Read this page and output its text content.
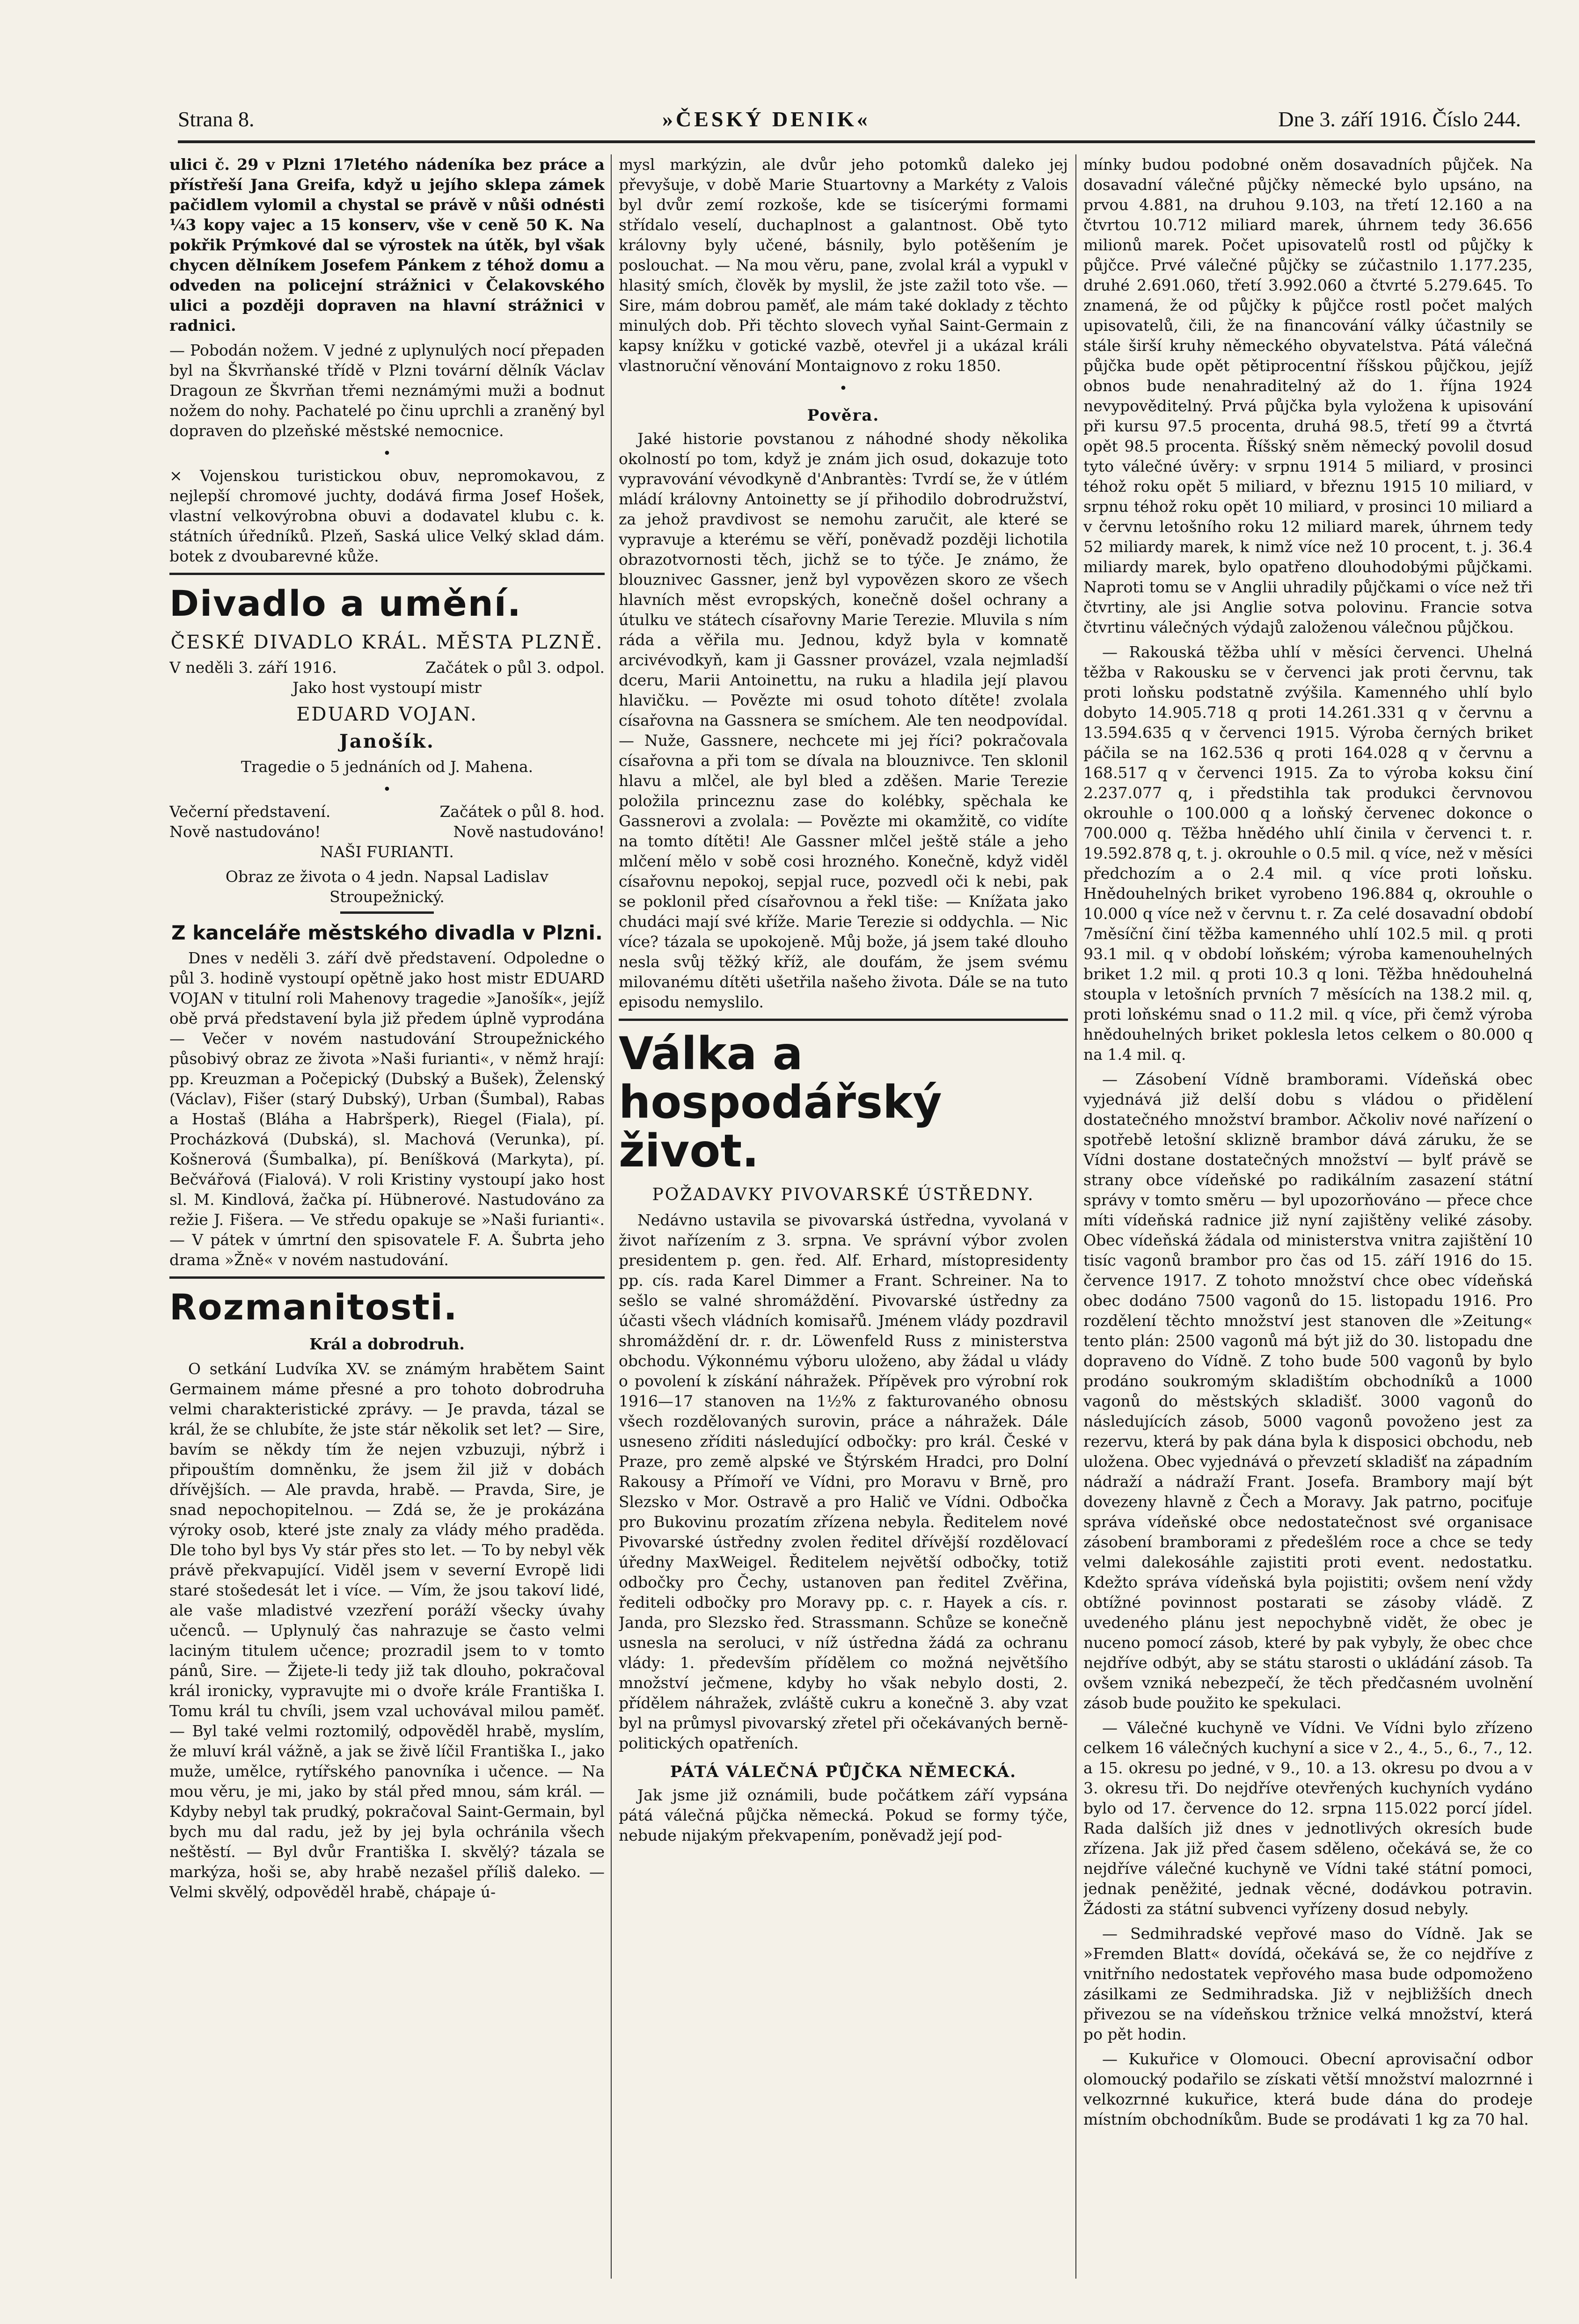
Strana 8.	»ČESKÝ DENIK«	Dne 3. září 1916. Číslo 244.

ulici č. 29 v Plzni 17letého nádeníka bez práce a přístřeší Jana Greifa, když u jejího sklepa zámek pačidlem vylomil a chystal se právě v nůši odnésti ¼3 kopy vajec a 15 konserv, vše v ceně 50 K. Na pokřik Prýmkové dal se výrostek na útěk, byl však chycen dělníkem Josefem Pánkem z téhož domu a odveden na policejní strážnici v Čelakovského ulici a později dopraven na hlavní strážnici v radnici.

— Pobodán nožem. V jedné z uplynulých nocí přepaden byl na Škvrňanské třídě v Plzni tovární dělník Václav Dragoun ze Škvrňan třemi neznámými muži a bodnut nožem do nohy. Pachatelé po činu uprchli a zraněný byl dopraven do plzeňské městské nemocnice.

•

× Vojenskou turistickou obuv, nepromokavou, z nejlepší chromové juchty, dodává firma Josef Hošek, vlastní velkovýrobna obuvi a dodavatel klubu c. k. státních úředníků. Plzeň, Saská ulice Velký sklad dám. botek z dvoubarevné kůže.

Divadlo a umění.
ČESKÉ DIVADLO KRÁL. MĚSTA PLZNĚ.
V neděli 3. září 1916.	Začátek o půl 3. odpol.

Jako host vystoupí mistr

EDUARD VOJAN.
Janošík.

Tragedie o 5 jednáních od J. Mahena.

•
Večerní představení.	Začátek o půl 8. hod.
Nově nastudováno!	Nově nastudováno!

NAŠI FURIANTI.

Obraz ze života o 4 jedn. Napsal Ladislav Stroupežnický.

Z kanceláře městského divadla v Plzni.

Dnes v neděli 3. září dvě představení. Odpoledne o půl 3. hodině vystoupí opětně jako host mistr EDUARD VOJAN v titulní roli Mahenovy tragedie »Janošík«, jejíž obě prvá představení byla již předem úplně vyprodána — Večer v novém nastudování Stroupežnického působivý obraz ze života »Naši furianti«, v němž hrají: pp. Kreuzman a Počepický (Dubský a Bušek), Želenský (Václav), Fišer (starý Dubský), Urban (Šumbal), Rabas a Hostaš (Bláha a Habršperk), Riegel (Fiala), pí. Procházková (Dubská), sl. Machová (Verunka), pí. Košnerová (Šumbalka), pí. Beníšková (Markyta), pí. Bečvářová (Fialová). V roli Kristiny vystoupí jako host sl. M. Kindlová, žačka pí. Hübnerové. Nastudováno za režie J. Fišera. — Ve středu opakuje se »Naši furianti«. — V pátek v úmrtní den spisovatele F. A. Šubrta jeho drama »Žně« v novém nastudování.

Rozmanitosti.

Král a dobrodruh.

O setkání Ludvíka XV. se známým hrabětem Saint Germainem máme přesné a pro tohoto dobrodruha velmi charakteristické zprávy. — Je pravda, tázal se král, že se chlubíte, že jste stár několik set let? — Sire, bavím se někdy tím že nejen vzbuzuji, nýbrž i připouštím domněnku, že jsem žil již v dobách dřívějších. — Ale pravda, hrabě. — Pravda, Sire, je snad nepochopitelnou. — Zdá se, že je prokázána výroky osob, které jste znaly za vlády mého praděda. Dle toho byl bys Vy stár přes sto let. — To by nebyl věk právě překvapující. Viděl jsem v severní Evropě lidi staré stošedesát let i více. — Vím, že jsou takoví lidé, ale vaše mladistvé vzezření poráží všecky úvahy učenců. — Uplynulý čas nahrazuje se často velmi laciným titulem učence; prozradil jsem to v tomto pánů, Sire. — Žijete-li tedy již tak dlouho, pokračoval král ironicky, vypravujte mi o dvoře krále Františka I. Tomu král tu chvíli, jsem vzal uchovával milou paměť. — Byl také velmi roztomilý, odpověděl hrabě, myslím, že mluví král vážně, a jak se živě líčil Františka I., jako muže, umělce, rytířského panovníka i učence. — Na mou věru, je mi, jako by stál před mnou, sám král. — Kdyby nebyl tak prudký, pokračoval Saint-Germain, byl bych mu dal radu, jež by jej byla ochránila všech neštěstí. — Byl dvůr Františka I. skvělý? tázala se markýza, hoši se, aby hrabě nezašel příliš daleko. — Velmi skvělý, odpověděl hrabě, chápaje ú-

mysl markýzin, ale dvůr jeho potomků daleko jej převyšuje, v době Marie Stuartovny a Markéty z Valois byl dvůr zemí rozkoše, kde se tisícerými formami střídalo veselí, duchaplnost a galantnost. Obě tyto královny byly učené, básnily, bylo potěšením je poslouchat. — Na mou věru, pane, zvolal král a vypukl v hlasitý smích, člověk by myslil, že jste zažil toto vše. — Sire, mám dobrou paměť, ale mám také doklady z těchto minulých dob. Při těchto slovech vyňal Saint-Germain z kapsy knížku v gotické vazbě, otevřel ji a ukázal králi vlastnoruční věnování Montaignovo z roku 1850.

•
Pověra.

Jaké historie povstanou z náhodné shody několika okolností po tom, když je znám jich osud, dokazuje toto vypravování vévodkyně d'Anbrantès: Tvrdí se, že v útlém mládí královny Antoinetty se jí přihodilo dobrodružství, za jehož pravdivost se nemohu zaručit, ale které se vypravuje a kterému se věří, poněvadž později lichotila obrazotvornosti těch, jichž se to týče. Je známo, že blouznivec Gassner, jenž byl vypovězen skoro ze všech hlavních měst evropských, konečně došel ochrany a útulku ve státech císařovny Marie Terezie. Mluvila s ním ráda a věřila mu. Jednou, když byla v komnatě arcivévodkyň, kam ji Gassner provázel, vzala nejmladší dceru, Marii Antoinettu, na ruku a hladila její plavou hlavičku. — Povězte mi osud tohoto dítěte! zvolala císařovna na Gassnera se smíchem. Ale ten neodpovídal. — Nuže, Gassnere, nechcete mi jej říci? pokračovala císařovna a při tom se dívala na blouznivce. Ten sklonil hlavu a mlčel, ale byl bled a zděšen. Marie Terezie položila princeznu zase do kolébky, spěchala ke Gassnerovi a zvolala: — Povězte mi okamžitě, co vidíte na tomto dítěti! Ale Gassner mlčel ještě stále a jeho mlčení mělo v sobě cosi hrozného. Konečně, když viděl císařovnu nepokoj, sepjal ruce, pozvedl oči k nebi, pak se poklonil před císařovnou a řekl tiše: — Knížata jako chudáci mají své kříže. Marie Terezie si oddychla. — Nic více? tázala se upokojeně. Můj bože, já jsem také dlouho nesla svůj těžký kříž, ale doufám, že jsem svému milovanému dítěti ušetřila našeho života. Dále se na tuto episodu nemyslilo.

Válka a hospodářský život.
POŽADAVKY PIVOVARSKÉ ÚSTŘEDNY.

Nedávno ustavila se pivovarská ústředna, vyvolaná v život nařízením z 3. srpna. Ve správní výbor zvolen presidentem p. gen. řed. Alf. Erhard, místopresidenty pp. cís. rada Karel Dimmer a Frant. Schreiner. Na to sešlo se valné shromáždění. Pivovarské ústředny za účasti všech vládních komisařů. Jménem vlády pozdravil shromáždění dr. r. dr. Löwenfeld Russ z ministerstva obchodu. Výkonnému výboru uloženo, aby žádal u vlády o povolení k získání náhražek. Přípěvek pro výrobní rok 1916—17 stanoven na 1½% z fakturovaného obnosu všech rozdělovaných surovin, práce a náhražek. Dále usneseno zříditi následující odbočky: pro král. České v Praze, pro země alpské ve Štýrském Hradci, pro Dolní Rakousy a Přímoří ve Vídni, pro Moravu v Brně, pro Slezsko v Mor. Ostravě a pro Halič ve Vídni. Odbočka pro Bukovinu prozatím zřízena nebyla. Ředitelem nové Pivovarské ústředny zvolen ředitel dřívější rozdělovací úředny MaxWeigel. Ředitelem největší odbočky, totiž odbočky pro Čechy, ustanoven pan ředitel Zvěřina, řediteli odbočky pro Moravy pp. c. r. Hayek a cís. r. Janda, pro Slezsko řed. Strassmann. Schůze se konečně usnesla na seroluci, v níž ústředna žádá za ochranu vlády: 1. především přídělem co možná největšího množství ječmene, kdyby ho však nebylo dosti, 2. přídělem náhražek, zvláště cukru a konečně 3. aby vzat byl na průmysl pivovarský zřetel při očekávaných berně-politických opatřeních.

PÁTÁ VÁLEČNÁ PŮJČKA NĚMECKÁ.

Jak jsme již oznámili, bude počátkem září vypsána pátá válečná půjčka německá. Pokud se formy týče, nebude nijakým překvapením, poněvadž její pod-

mínky budou podobné oněm dosavadních půjček. Na dosavadní válečné půjčky německé bylo upsáno, na prvou 4.881, na druhou 9.103, na třetí 12.160 a na čtvrtou 10.712 miliard marek, úhrnem tedy 36.656 milionů marek. Počet upisovatelů rostl od půjčky k půjčce. Prvé válečné půjčky se zúčastnilo 1.177.235, druhé 2.691.060, třetí 3.992.060 a čtvrté 5.279.645. To znamená, že od půjčky k půjčce rostl počet malých upisovatelů, čili, že na financování války účastnily se stále širší kruhy německého obyvatelstva. Pátá válečná půjčka bude opět pětiprocentní říšskou půjčkou, jejíž obnos bude nenahraditelný až do 1. října 1924 nevypověditelný. Prvá půjčka byla vyložena k upisování při kursu 97.5 procenta, druhá 98.5, třetí 99 a čtvrtá opět 98.5 procenta. Říšský sněm německý povolil dosud tyto válečné úvěry: v srpnu 1914 5 miliard, v prosinci téhož roku opět 5 miliard, v březnu 1915 10 miliard, v srpnu téhož roku opět 10 miliard, v prosinci 10 miliard a v červnu letošního roku 12 miliard marek, úhrnem tedy 52 miliardy marek, k nimž více než 10 procent, t. j. 36.4 miliardy marek, bylo opatřeno dlouhodobými půjčkami. Naproti tomu se v Anglii uhradily půjčkami o více než tři čtvrtiny, ale jsi Anglie sotva polovinu. Francie sotva čtvrtinu válečných výdajů založenou válečnou půjčkou.

— Rakouská těžba uhlí v měsíci červenci. Uhelná těžba v Rakousku se v červenci jak proti červnu, tak proti loňsku podstatně zvýšila. Kamenného uhlí bylo dobyto 14.905.718 q proti 14.261.331 q v červnu a 13.594.635 q v červenci 1915. Výroba černých briket páčila se na 162.536 q proti 164.028 q v červnu a 168.517 q v červenci 1915. Za to výroba koksu činí 2.237.077 q, i předstihla tak produkci červnovou okrouhle o 100.000 q a loňský červenec dokonce o 700.000 q. Těžba hnědého uhlí činila v červenci t. r. 19.592.878 q, t. j. okrouhle o 0.5 mil. q více, než v měsíci předchozím a o 2.4 mil. q více proti loňsku. Hnědouhelných briket vyrobeno 196.884 q, okrouhle o 10.000 q více než v červnu t. r. Za celé dosavadní období 7měsíční činí těžba kamenného uhlí 102.5 mil. q proti 93.1 mil. q v období loňském; výroba kamenouhelných briket 1.2 mil. q proti 10.3 q loni. Těžba hnědouhelná stoupla v letošních prvních 7 měsících na 138.2 mil. q, proti loňskému snad o 11.2 mil. q více, při čemž výroba hnědouhelných briket poklesla letos celkem o 80.000 q na 1.4 mil. q.

— Zásobení Vídně bramborami. Vídeňská obec vyjednává již delší dobu s vládou o přidělení dostatečného množství brambor. Ačkoliv nové nařízení o spotřebě letošní sklizně brambor dává záruku, že se Vídni dostane dostatečných množství — bylť právě se strany obce vídeňské po radikálním zasazení státní správy v tomto směru — byl upozorňováno — přece chce míti vídeňská radnice již nyní zajištěny veliké zásoby. Obec vídeňská žádala od ministerstva vnitra zajištění 10 tisíc vagonů brambor pro čas od 15. září 1916 do 15. července 1917. Z tohoto množství chce obec vídeňská obec dodáno 7500 vagonů do 15. listopadu 1916. Pro rozdělení těchto množství jest stanoven dle »Zeitung« tento plán: 2500 vagonů má být již do 30. listopadu dne dopraveno do Vídně. Z toho bude 500 vagonů by bylo prodáno soukromým skladištím obchodníků a 1000 vagonů do městských skladišť. 3000 vagonů do následujících zásob, 5000 vagonů povoženo jest za rezervu, která by pak dána byla k disposici obchodu, neb uložena. Obec vyjednává o převzetí skladišť na západním nádraží a nádraží Frant. Josefa. Brambory mají být dovezeny hlavně z Čech a Moravy. Jak patrno, pociťuje správa vídeňské obce nedostatečnost své organisace zásobení bramborami z předešlém roce a chce se tedy velmi dalekosáhle zajistiti proti event. nedostatku. Kdežto správa vídeňská byla pojistiti; ovšem není vždy obtížné povinnost postarati se zásoby vládě. Z uvedeného plánu jest nepochybně vidět, že obec je nuceno pomocí zásob, které by pak vybyly, že obec chce nejdříve odbýt, aby se státu starosti o ukládání zásob. Ta ovšem vzniká nebezpečí, že těch předčasném uvolnění zásob bude použito ke spekulaci.

— Válečné kuchyně ve Vídni. Ve Vídni bylo zřízeno celkem 16 válečných kuchyní a sice v 2., 4., 5., 6., 7., 12. a 15. okresu po jedné, v 9., 10. a 13. okresu po dvou a v 3. okresu tři. Do nejdříve otevřených kuchyních vydáno bylo od 17. července do 12. srpna 115.022 porcí jídel. Rada dalších již dnes v jednotlivých okresích bude zřízena. Jak již před časem sděleno, očekává se, že co nejdříve válečné kuchyně ve Vídni také státní pomoci, jednak peněžité, jednak věcné, dodávkou potravin. Žádosti za státní subvenci vyřízeny dosud nebyly.

— Sedmihradské vepřové maso do Vídně. Jak se »Fremden Blatt« dovídá, očekává se, že co nejdříve z vnitřního nedostatek vepřového masa bude odpomoženo zásilkami ze Sedmihradska. Již v nejbližších dnech přivezou se na vídeňskou tržnice velká množství, která po pět hodin.

— Kukuřice v Olomouci. Obecní aprovisační odbor olomoucký podařilo se získati větší množství malozrnné i velkozrnné kukuřice, která bude dána do prodeje místním obchodníkům. Bude se prodávati 1 kg za 70 hal.
